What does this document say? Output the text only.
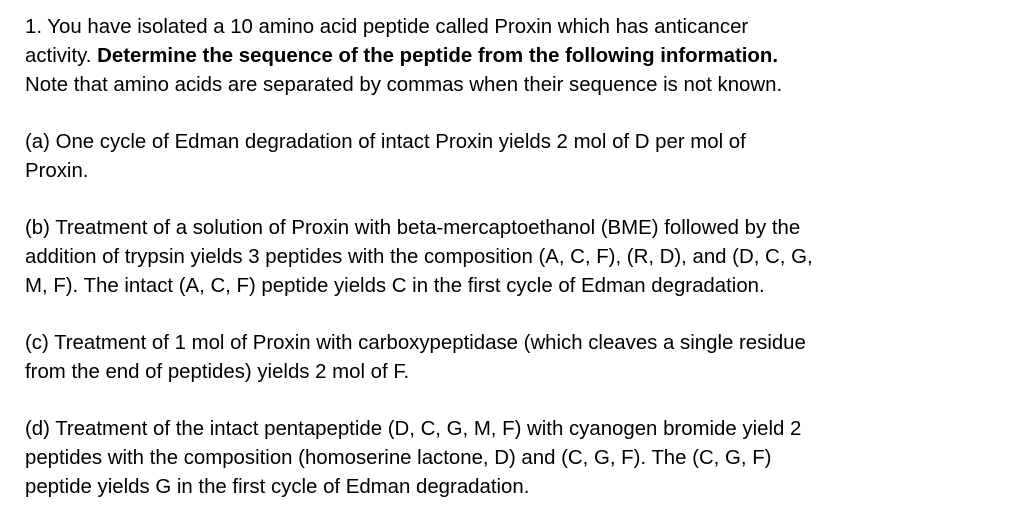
1. You have isolated a 10 amino acid peptide called Proxin which has anticancer
activity. Determine the sequence of the peptide from the following information.
Note that amino acids are separated by commas when their sequence is not known.

(a) One cycle of Edman degradation of intact Proxin yields 2 mol of D per mol of
Proxin.

(b) Treatment of a solution of Proxin with beta-mercaptoethanol (BME) followed by the
addition of trypsin yields 3 peptides with the composition (A, C, F), (R, D), and (D, C, G,
M, F). The intact (A, C, F) peptide yields C in the first cycle of Edman degradation.

(c) Treatment of 1 mol of Proxin with carboxypeptidase (which cleaves a single residue
from the end of peptides) yields 2 mol of F.

(d) Treatment of the intact pentapeptide (D, C, G, M, F) with cyanogen bromide yield 2
peptides with the composition (homoserine lactone, D) and (C, G, F). The (C, G, F)
peptide yields G in the first cycle of Edman degradation.
